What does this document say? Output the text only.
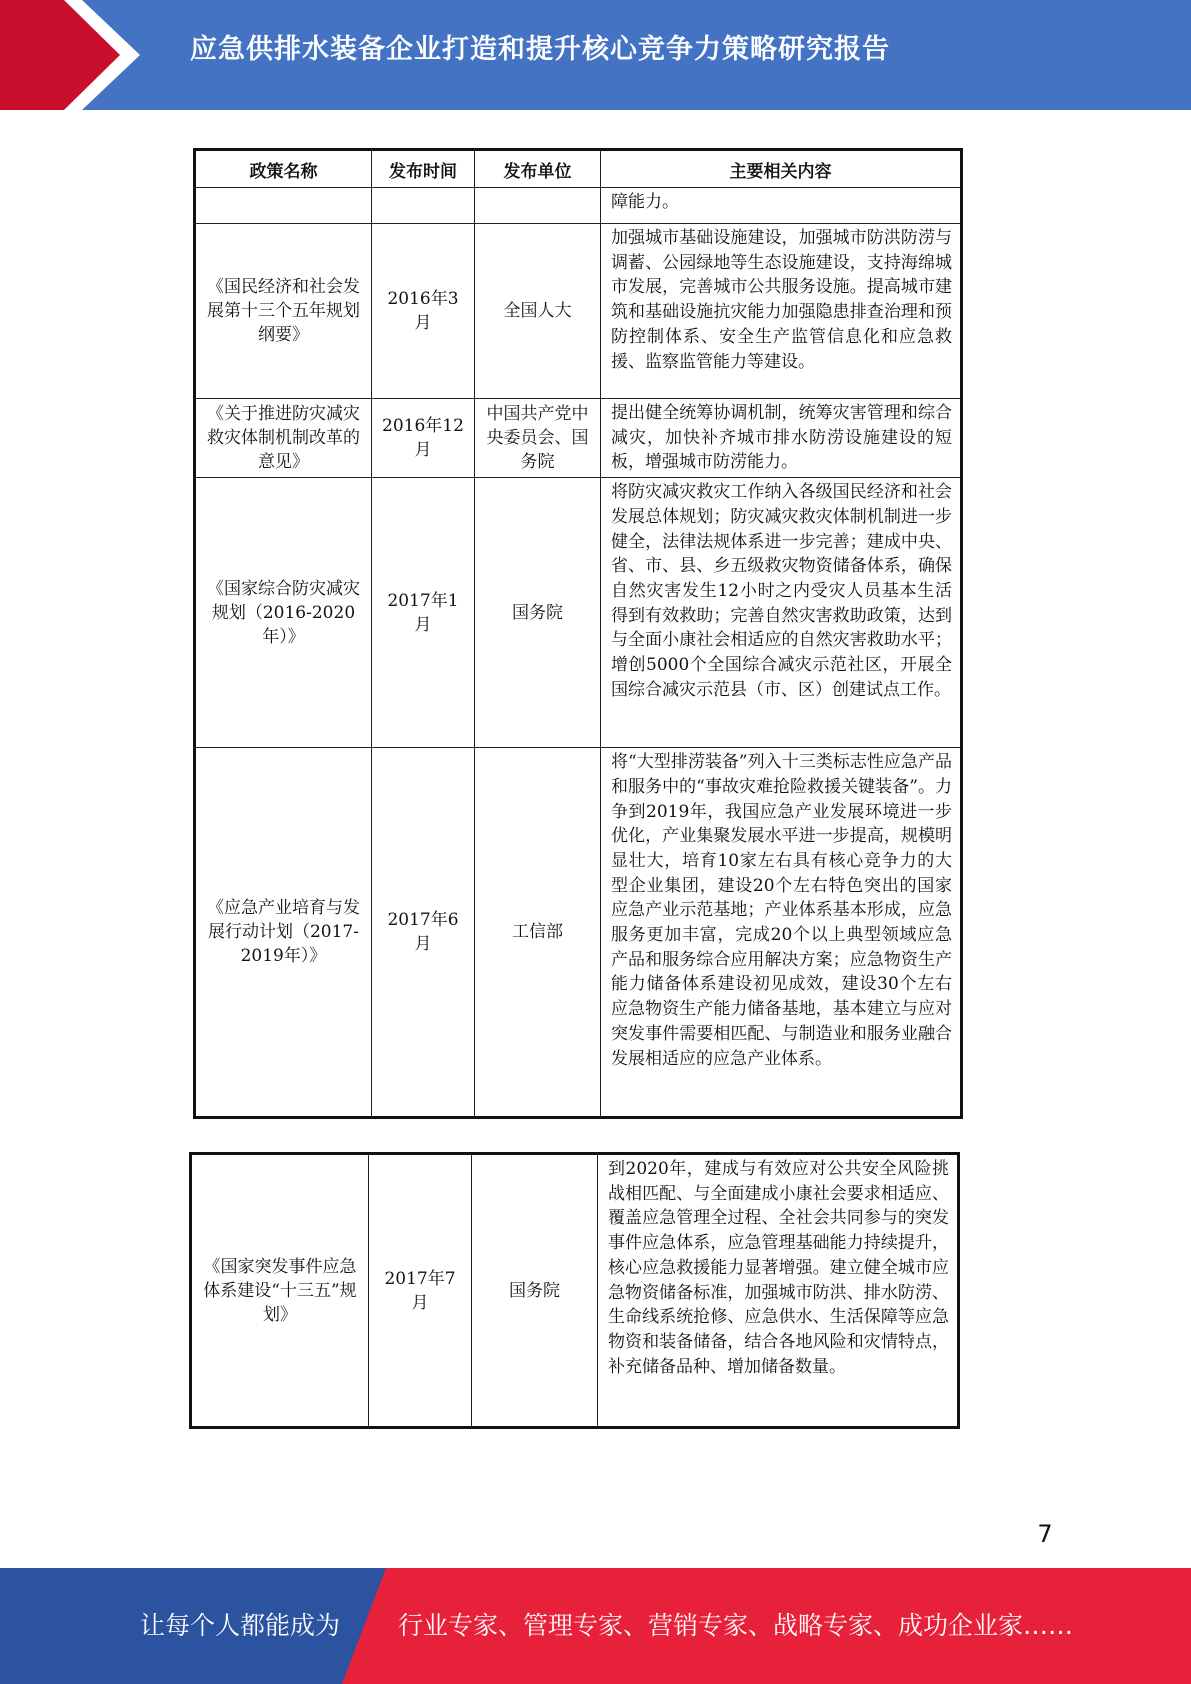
应急供排水装备企业打造和提升核心竞争力策略研究报告
政策名称	发布时间	发布单位	主要相关内容
			障能力。
《国民经济和社会发展第十三个五年规划纲要》	2016年3月	全国人大	加强城市基础设施建设，加强城市防洪防涝与调蓄、公园绿地等生态设施建设，支持海绵城市发展，完善城市公共服务设施。提高城市建筑和基础设施抗灾能力加强隐患排查治理和预防控制体系、安全生产监管信息化和应急救援、监察监管能力等建设。
《关于推进防灾减灾救灾体制机制改革的意见》	2016年12月	中国共产党中央委员会、国务院	提出健全统筹协调机制，统筹灾害管理和综合减灾，加快补齐城市排水防涝设施建设的短板，增强城市防涝能力。
《国家综合防灾减灾规划（2016-2020年）》	2017年1月	国务院	将防灾减灾救灾工作纳入各级国民经济和社会发展总体规划；防灾减灾救灾体制机制进一步健全，法律法规体系进一步完善；建成中央、省、市、县、乡五级救灾物资储备体系，确保自然灾害发生12小时之内受灾人员基本生活得到有效救助；完善自然灾害救助政策，达到与全面小康社会相适应的自然灾害救助水平；增创5000个全国综合减灾示范社区，开展全国综合减灾示范县（市、区）创建试点工作。
《应急产业培育与发展行动计划（2017-2019年）》	2017年6月	工信部	将“大型排涝装备”列入十三类标志性应急产品和服务中的“事故灾难抢险救援关键装备”。力争到2019年，我国应急产业发展环境进一步优化，产业集聚发展水平进一步提高，规模明显壮大，培育10家左右具有核心竞争力的大型企业集团，建设20个左右特色突出的国家应急产业示范基地；产业体系基本形成，应急服务更加丰富，完成20个以上典型领域应急产品和服务综合应用解决方案；应急物资生产能力储备体系建设初见成效，建设30个左右应急物资生产能力储备基地，基本建立与应对突发事件需要相匹配、与制造业和服务业融合发展相适应的应急产业体系。
《国家突发事件应急体系建设“十三五”规划》	2017年7月	国务院	到2020年，建成与有效应对公共安全风险挑战相匹配、与全面建成小康社会要求相适应、覆盖应急管理全过程、全社会共同参与的突发事件应急体系，应急管理基础能力持续提升，核心应急救援能力显著增强。建立健全城市应急物资储备标准，加强城市防洪、排水防涝、生命线系统抢修、应急供水、生活保障等应急物资和装备储备，结合各地风险和灾情特点，补充储备品种、增加储备数量。
7
让每个人都能成为 行业专家、管理专家、营销专家、战略专家、成功企业家……
